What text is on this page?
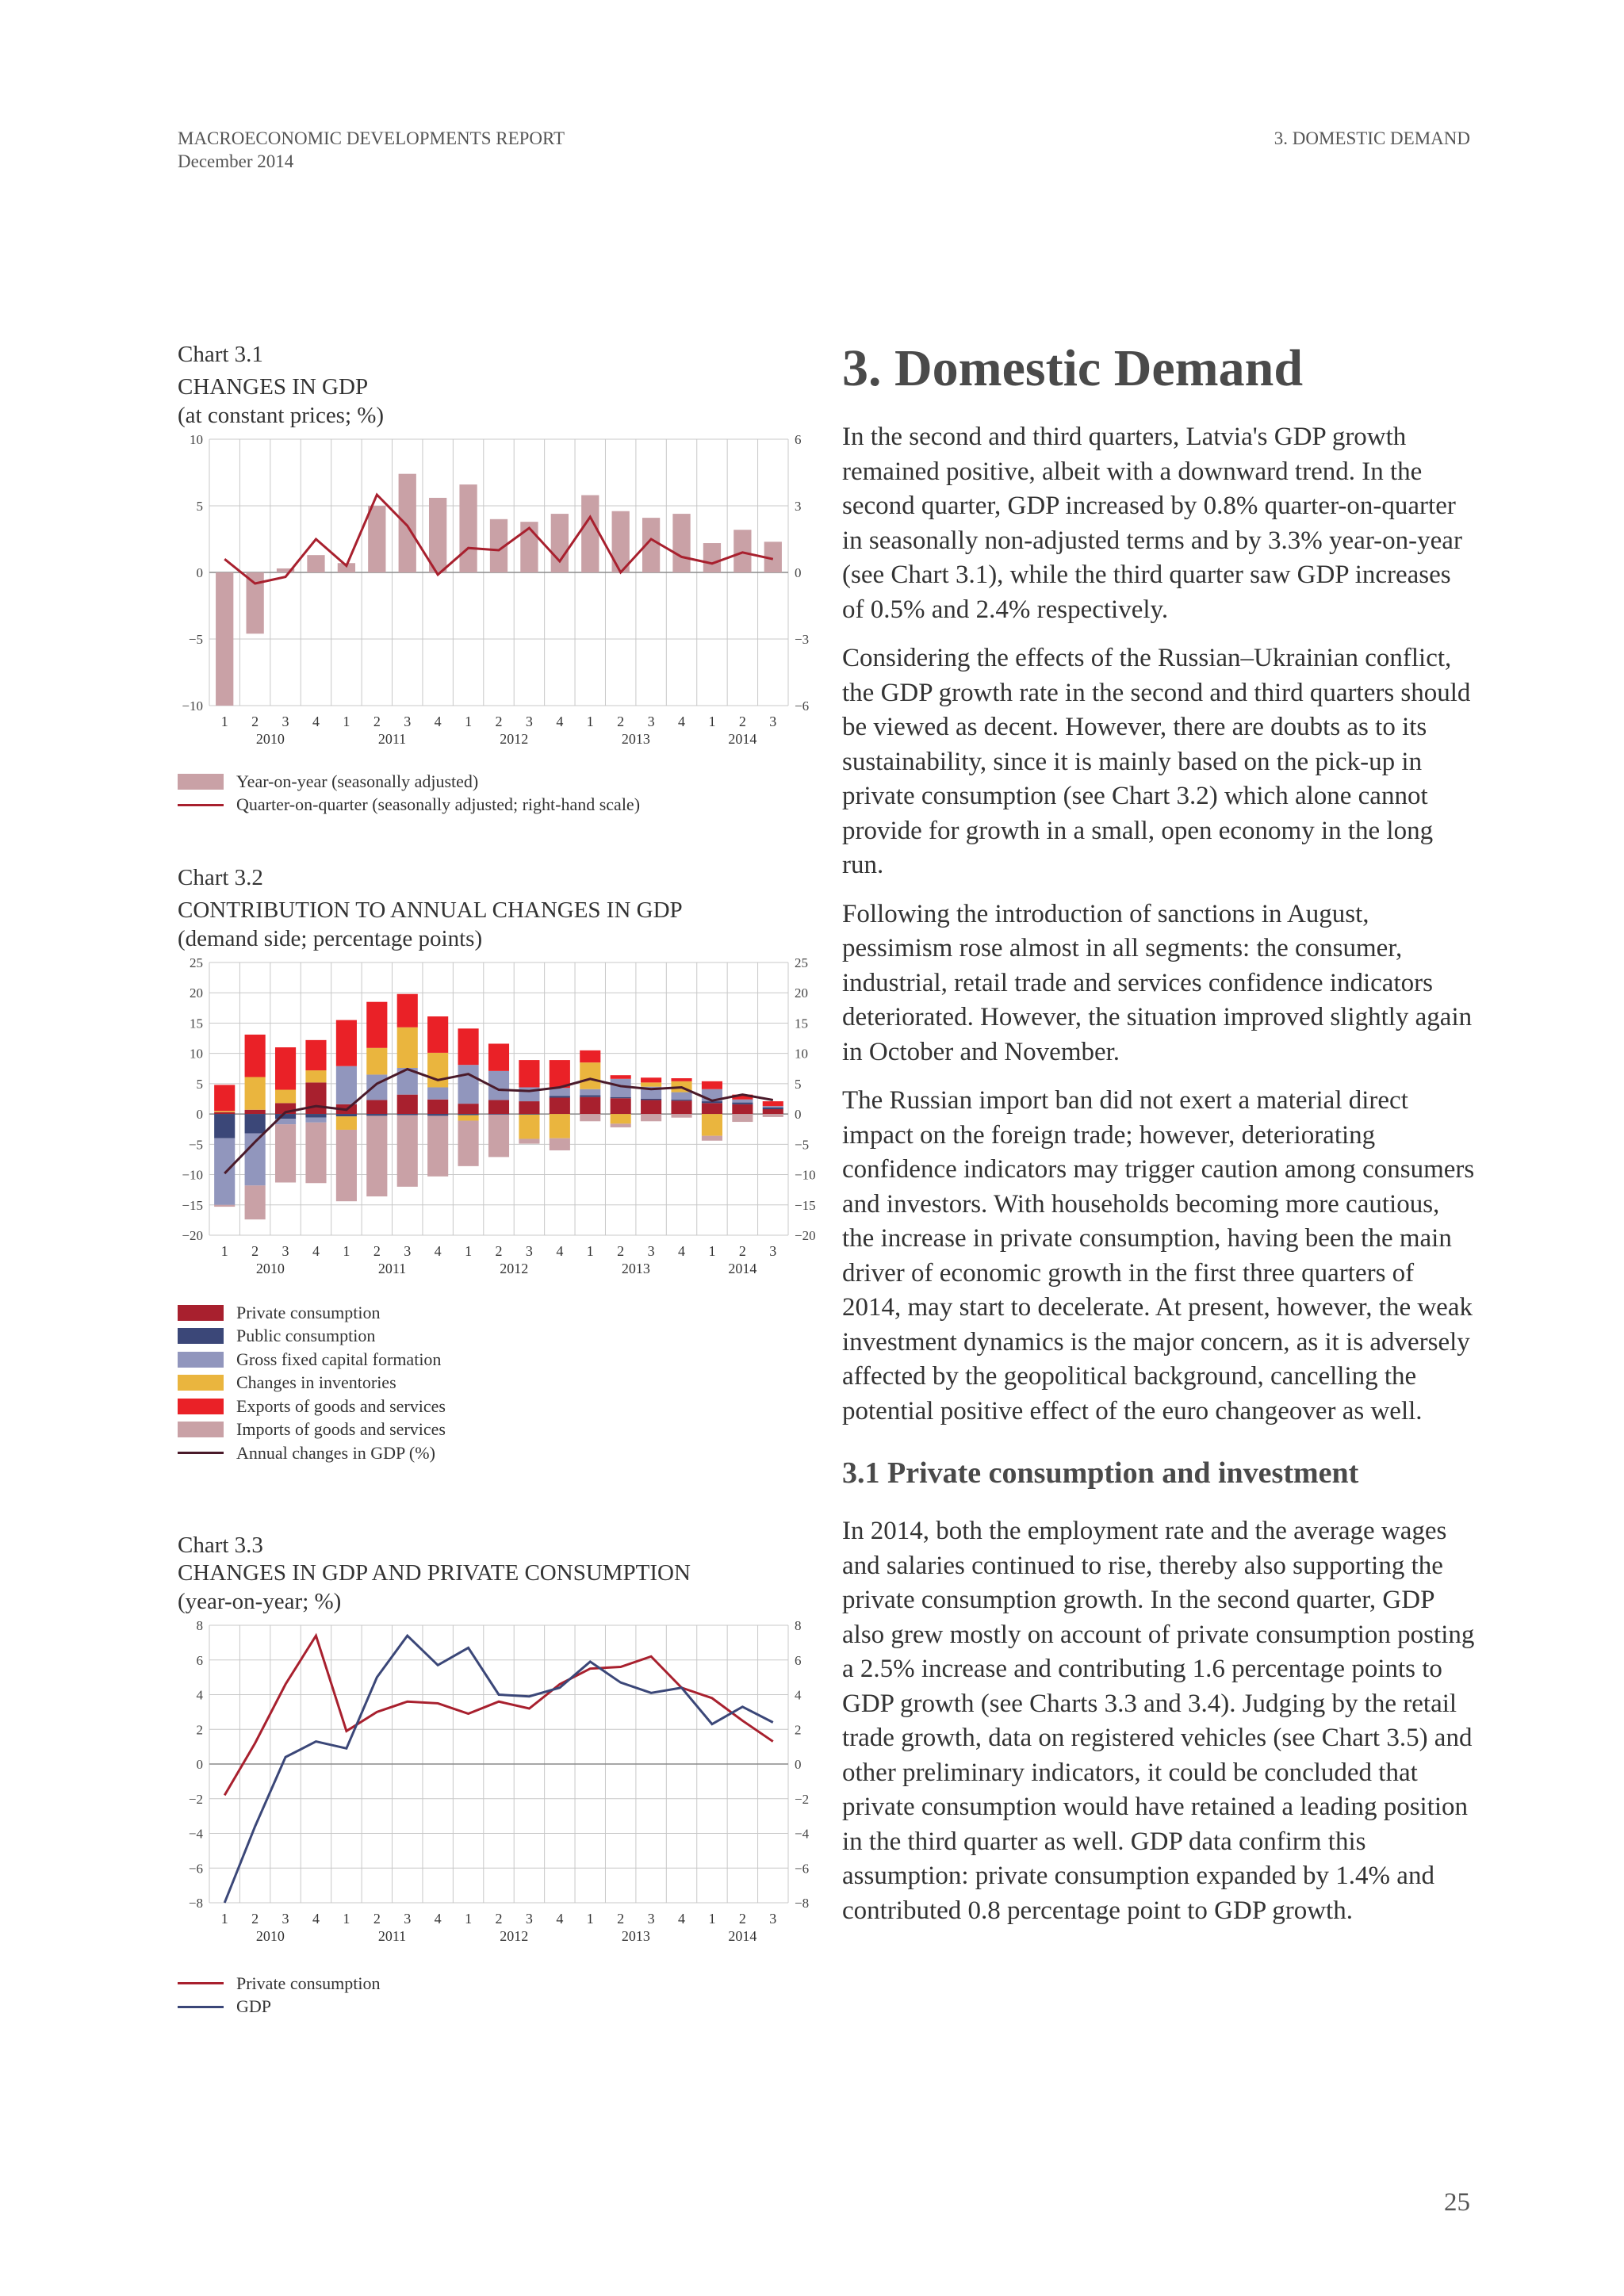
MACROECONOMIC DEVELOPMENTS REPORT
December 2014
3. DOMESTIC DEMAND
Chart 3.1
CHANGES IN GDP
(at constant prices; %)
10	6
5	3
0	0
−5	−3
−10	−6
1 2 3 4 1 2 3 4 1 2 3 4 1 2 3 4 1 2 3
2010	2011	2012	2013	2014
Year-on-year (seasonally adjusted)
Quarter-on-quarter (seasonally adjusted; right-hand scale)
Chart 3.2
CONTRIBUTION TO ANNUAL CHANGES IN GDP
(demand side; percentage points)
25	25
20	20
15	15
10	10
5	5
0	0
−5	−5
−10	−10
−15	−15
−20	−20
1 2 3 4 1 2 3 4 1 2 3 4 1 2 3 4 1 2 3
2010	2011	2012	2013	2014
Private consumption
Public consumption
Gross fixed capital formation
Changes in inventories
Exports of goods and services
Imports of goods and services
Annual changes in GDP (%)
Chart 3.3
CHANGES IN GDP AND PRIVATE CONSUMPTION
(year-on-year; %)
8	8
6	6
4	4
2	2
0	0
−2	−2
−4	−4
−6	−6
−8	−8
1 2 3 4 1 2 3 4 1 2 3 4 1 2 3 4 1 2 3
2010	2011	2012	2013	2014
Private consumption
GDP
3. Domestic Demand

In the second and third quarters, Latvia's GDP growth remained positive, albeit with a downward trend. In the second quarter, GDP increased by 0.8% quarter-on-quarter in seasonally non-adjusted terms and by 3.3% year-on-year (see Chart 3.1), while the third quarter saw GDP increases of 0.5% and 2.4% respectively.

Considering the effects of the Russian–Ukrainian conflict, the GDP growth rate in the second and third quarters should be viewed as decent. However, there are doubts as to its sustainability, since it is mainly based on the pick-up in private consumption (see Chart 3.2) which alone cannot provide for growth in a small, open economy in the long run.

Following the introduction of sanctions in August, pessimism rose almost in all segments: the consumer, industrial, retail trade and services confidence indicators deteriorated. However, the situation improved slightly again in October and November.

The Russian import ban did not exert a material direct impact on the foreign trade; however, deteriorating confidence indicators may trigger caution among consumers and investors. With households becoming more cautious, the increase in private consumption, having been the main driver of economic growth in the first three quarters of 2014, may start to decelerate. At present, however, the weak investment dynamics is the major concern, as it is adversely affected by the geopolitical background, cancelling the potential positive effect of the euro changeover as well.

3.1 Private consumption and investment

In 2014, both the employment rate and the average wages and salaries continued to rise, thereby also supporting the private consumption growth. In the second quarter, GDP also grew mostly on account of private consumption posting a 2.5% increase and contributing 1.6 percentage points to GDP growth (see Charts 3.3 and 3.4). Judging by the retail trade growth, data on registered vehicles (see Chart 3.5) and other preliminary indicators, it could be concluded that private consumption would have retained a leading position in the third quarter as well. GDP data confirm this assumption: private consumption expanded by 1.4% and contributed 0.8 percentage point to GDP growth.

25
